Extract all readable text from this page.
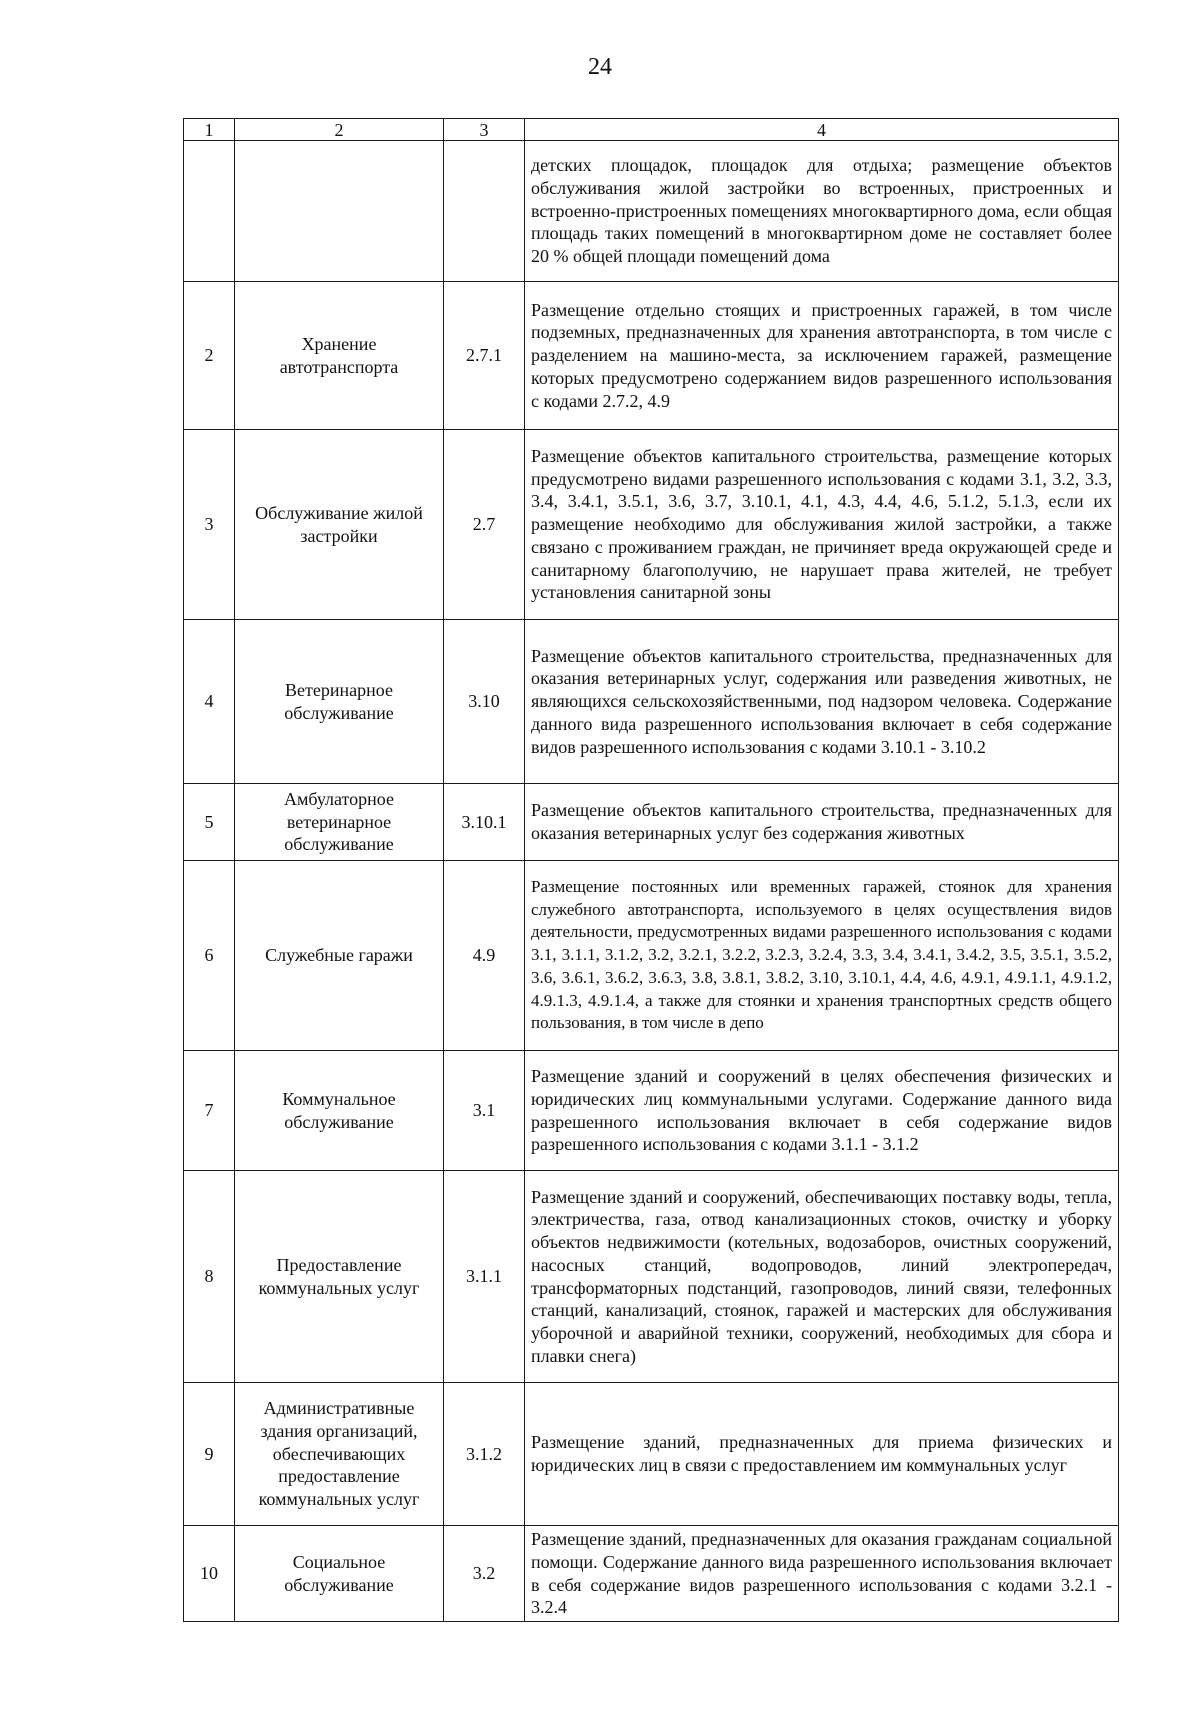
24
1	2	3	4
			детских площадок, площадок для отдыха; размещение объектов обслуживания жилой застройки во встроенных, пристроенных и встроенно-пристроенных помещениях многоквартирного дома, если общая площадь таких помещений в многоквартирном доме не составляет более 20 % общей площади помещений дома
2	Хранение автотранспорта	2.7.1	Размещение отдельно стоящих и пристроенных гаражей, в том числе подземных, предназначенных для хранения автотранспорта, в том числе с разделением на машино-места, за исключением гаражей, размещение которых предусмотрено содержанием видов разрешенного использования с кодами 2.7.2, 4.9
3	Обслуживание жилой застройки	2.7	Размещение объектов капитального строительства, размещение которых предусмотрено видами разрешенного использования с кодами 3.1, 3.2, 3.3, 3.4, 3.4.1, 3.5.1, 3.6, 3.7, 3.10.1, 4.1, 4.3, 4.4, 4.6, 5.1.2, 5.1.3, если их размещение необходимо для обслуживания жилой застройки, а также связано с проживанием граждан, не причиняет вреда окружающей среде и санитарному благополучию, не нарушает права жителей, не требует установления санитарной зоны
4	Ветеринарное обслуживание	3.10	Размещение объектов капитального строительства, предназначенных для оказания ветеринарных услуг, содержания или разведения животных, не являющихся сельскохозяйственными, под надзором человека. Содержание данного вида разрешенного использования включает в себя содержание видов разрешенного использования с кодами 3.10.1 - 3.10.2
5	Амбулаторное ветеринарное обслуживание	3.10.1	Размещение объектов капитального строительства, предназначенных для оказания ветеринарных услуг без содержания животных
6	Служебные гаражи	4.9	Размещение постоянных или временных гаражей, стоянок для хранения служебного автотранспорта, используемого в целях осуществления видов деятельности, предусмотренных видами разрешенного использования с кодами 3.1, 3.1.1, 3.1.2, 3.2, 3.2.1, 3.2.2, 3.2.3, 3.2.4, 3.3, 3.4, 3.4.1, 3.4.2, 3.5, 3.5.1, 3.5.2, 3.6, 3.6.1, 3.6.2, 3.6.3, 3.8, 3.8.1, 3.8.2, 3.10, 3.10.1, 4.4, 4.6, 4.9.1, 4.9.1.1, 4.9.1.2, 4.9.1.3, 4.9.1.4, а также для стоянки и хранения транспортных средств общего пользования, в том числе в депо
7	Коммунальное обслуживание	3.1	Размещение зданий и сооружений в целях обеспечения физических и юридических лиц коммунальными услугами. Содержание данного вида разрешенного использования включает в себя содержание видов разрешенного использования с кодами 3.1.1 - 3.1.2
8	Предоставление коммунальных услуг	3.1.1	Размещение зданий и сооружений, обеспечивающих поставку воды, тепла, электричества, газа, отвод канализационных стоков, очистку и уборку объектов недвижимости (котельных, водозаборов, очистных сооружений, насосных станций, водопроводов, линий электропередач, трансформаторных подстанций, газопроводов, линий связи, телефонных станций, канализаций, стоянок, гаражей и мастерских для обслуживания уборочной и аварийной техники, сооружений, необходимых для сбора и плавки снега)
9	Административные здания организаций, обеспечивающих предоставление коммунальных услуг	3.1.2	Размещение зданий, предназначенных для приема физических и юридических лиц в связи с предоставлением им коммунальных услуг
10	Социальное обслуживание	3.2	Размещение зданий, предназначенных для оказания гражданам социальной помощи. Содержание данного вида разрешенного использования включает в себя содержание видов разрешенного использования с кодами 3.2.1 - 3.2.4
